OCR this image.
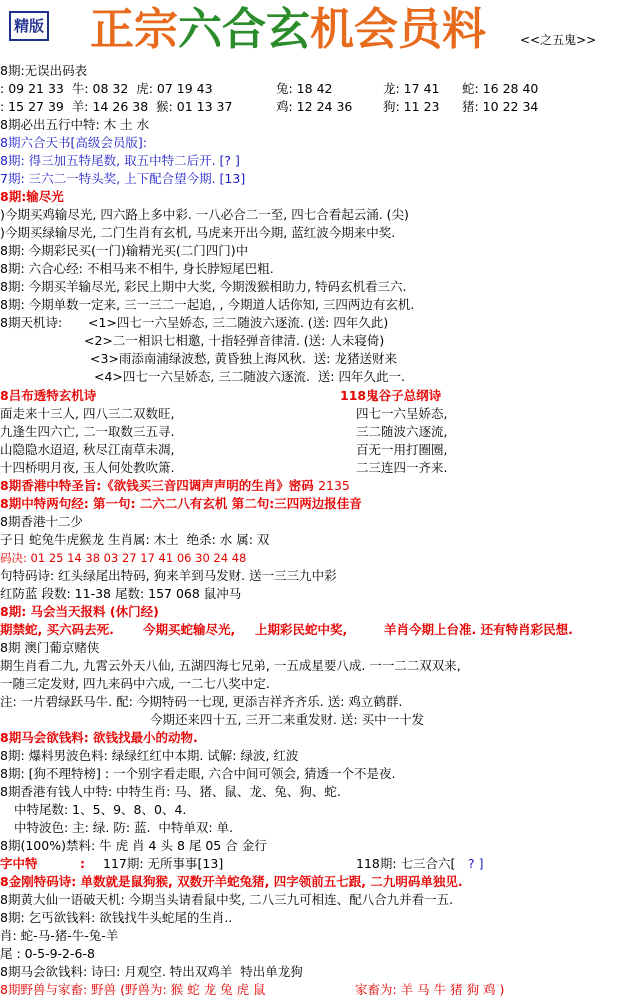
精版 正宗六合玄机会员料	<<之五鬼>>
8期:无误出码表
: 09 21 33  牛: 08 32  虎: 07 19 43	兔: 18 42	龙: 17 41 蛇: 16 28 40
: 15 27 39  羊: 14 26 38  猴: 01 13 37	鸡: 12 24 36 狗: 11 23 猪: 10 22 34
8期必出五行中特: 木 土 水
8期六合天书[高级会员版]:
8期: 得三加五特尾数, 取五中特二后开. [? ]
7期: 三六二一特头奖, 上下配合望今期. [13]
8期:输尽光
)今期买鸡输尽光, 四六路上多中彩. 一八必合二一至, 四七合看起云涌. (尖)
)今期买绿输尽光, 二门生肖有玄机, 马虎来开出今期, 蓝红波今期来中奖.
8期: 今期彩民买(一门)输精光买(二门四门)中
8期: 六合心经: 不相马来不相牛, 身长脖短尾巴粗.
8期: 今期买羊输尽光, 彩民上期中大奖, 今期泼猴相助力, 特码玄机看三六.
8期: 今期单数一定来, 三一三二一起追, , 今期道人话你知, 三四两边有玄机.
8期天机诗: <1>四七一六呈娇态, 三二随波六逐流. (送: 四年久此)
<2>二一相识七相邀, 十指轻弹音律清. (送: 人未寝倚)
<3>雨添南浦绿波愁, 黄昏独上海风秋.  送: 龙猪送财来
<4>四七一六呈娇态, 三二随波六逐流.  送: 四年久此一.
8吕布透特玄机诗	118鬼谷子总纲诗
面走来十三人, 四八三二双数旺,	四七一六呈娇态,
九逢生四六亡, 二一取数三五寻.	三二随波六逐流,
山隐隐水迢迢, 秋尽江南草未凋,	百无一用打圈圈,
十四桥明月夜, 玉人何处教吹箫.	二三连四一齐来.
8期香港中特圣旨:《欲钱买三音四调声声明的生肖》密码 2135
8期中特两句经: 第一句: 二六二八有玄机 第二句:三四两边报佳音
8期香港十二少
子日 蛇兔牛虎猴龙 生肖属: 木土  绝杀: 水 属: 双
码决: 01 25 14 38 03 27 17 41 06 30 24 48
句特码诗: 红头绿尾出特码, 狗来羊到马发财. 送一三三九中彩
红防蓝 段数: 11-38 尾数: 157 068 鼠冲马
8期: 马会当天报料 (休门经)
期禁蛇, 买六码去死. 今期买蛇输尽光, 上期彩民蛇中奖,	羊肖今期上台准. 还有特肖彩民想.
8期 澳门葡京赌侠
期生肖看二九, 九霄云外天八仙, 五湖四海七兄弟, 一五成星要八成. 一一二二双双来,
一随三定发财, 四九来码中六成, 一二七八奖中定.
注: 一片碧绿跃马牛. 配: 今期特码一七现, 更添吉祥齐齐乐. 送: 鸡立鹤群.
今期还来四十五, 三开二来重发财. 送: 买中一十发
8期马会欲钱料: 欲钱找最小的动物.
8期: 爆料男波色料: 绿绿红红中本期. 试解: 绿波, 红波
8期: [狗不理特榜] : 一个别字看走眼, 六合中间可领会, 猜透一个不是夜.
8期香港有钱人中特: 中特生肖: 马、猪、鼠、龙、兔、狗、蛇.
中特尾数: 1、5、9、8、0、4.
中特波色: 主: 绿. 防: 蓝.  中特单双: 单.
8期(100%)禁料: 牛 虎 肖 4 头 8 尾 05 合 金行
字中特	: 117期: 无所事事[13]	118期: 七三合六[ ? ]
8金刚特码诗: 单数就是鼠狗猴, 双数开羊蛇兔猪, 四字领前五七跟, 二九明码单独见.
8期黄大仙一语破天机: 今期当头请看鼠中奖, 二八三九可相连、配八合九并看一五.
8期: 乞丐欲钱料: 欲钱找牛头蛇尾的生肖..
肖: 蛇-马-猪-牛-兔-羊
尾 : 0-5-9-2-6-8
8期马会欲钱料: 诗曰: 月观空. 特出双鸡羊  特出单龙狗
8期野兽与家畜: 野兽 (野兽为: 猴 蛇 龙 兔 虎 鼠	家畜为: 羊 马 牛 猪 狗 鸡 )
